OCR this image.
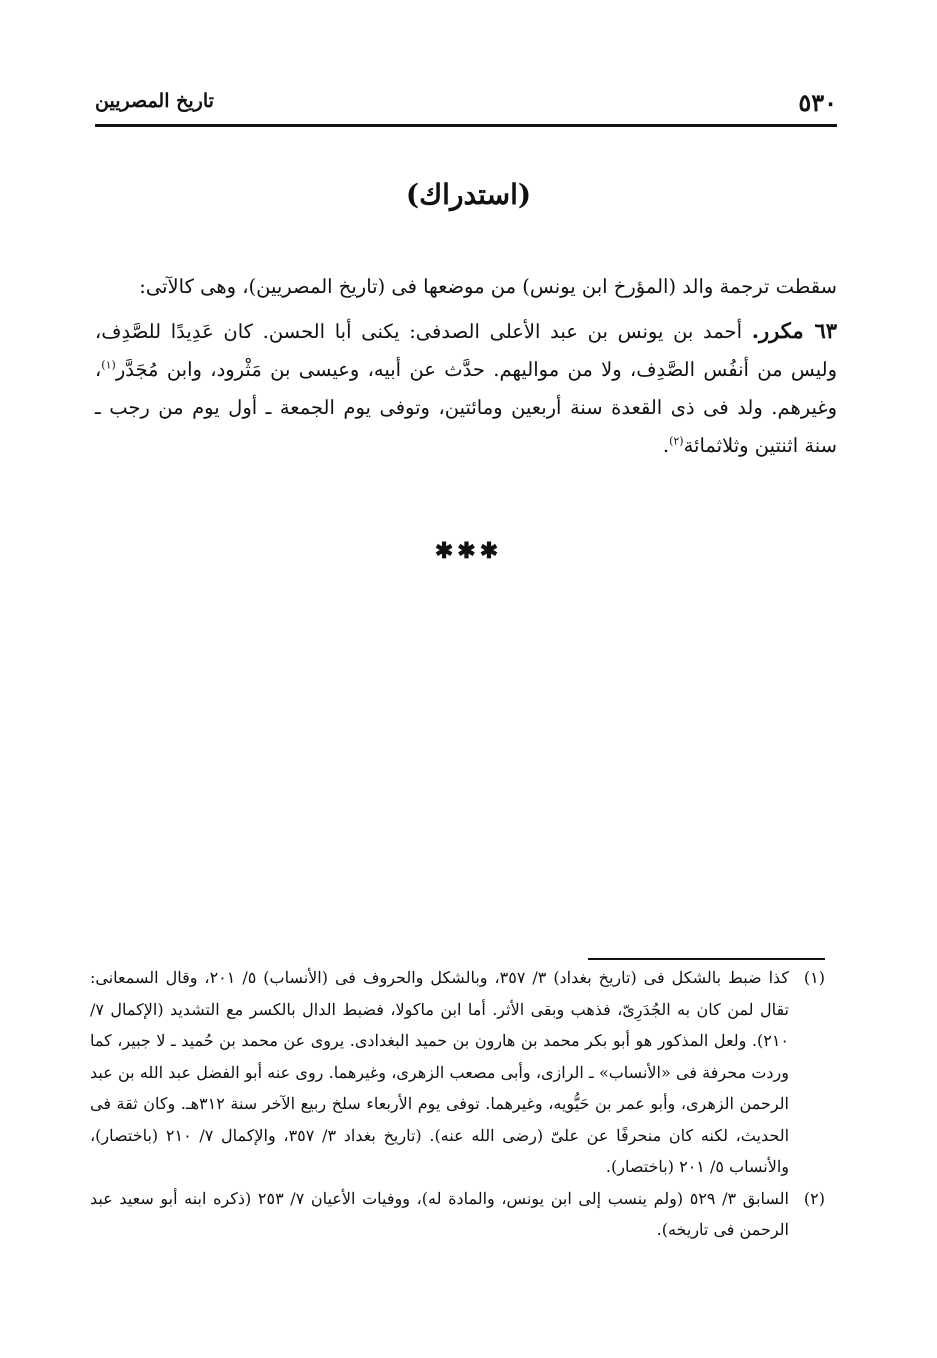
٥٣٠
تاريخ المصريين
(استدراك)

سقطت ترجمة والد (المؤرخ ابن يونس) من موضعها فى (تاريخ المصريين)، وهى كالآتى:

٦٣ مكرر. أحمد بن يونس بن عبد الأعلى الصدفى: يكنى أبا الحسن. كان عَدِيدًا للصَّدِف، وليس من أنفُس الصَّدِف، ولا من مواليهم. حدَّث عن أبيه، وعيسى بن مَثْرود، وابن مُجَدَّر$^{(١)}$، وغيرهم. ولد فى ذى القعدة سنة أربعين ومائتين، وتوفى يوم الجمعة ـ أول يوم من رجب ـ سنة اثنتين وثلاثمائة$^{(٢)}$.

✱✱✱

(١)
كذا ضبط بالشكل فى (تاريخ بغداد) ٣/ ٣٥٧، وبالشكل والحروف فى (الأنساب) ٥/ ٢٠١، وقال السمعانى: تقال لمن كان به الجُدَرِىّ، فذهب وبقى الأثر. أما ابن ماكولا، فضبط الدال بالكسر مع التشديد (الإكمال ٧/ ٢١٠). ولعل المذكور هو أبو بكر محمد بن هارون بن حميد البغدادى. يروى عن محمد بن حُميد ـ لا جبير، كما وردت محرفة فى «الأنساب» ـ الرازى، وأبى مصعب الزهرى، وغيرهما. روى عنه أبو الفضل عبد الله بن عبد الرحمن الزهرى، وأبو عمر بن حَيُّويه، وغيرهما. توفى يوم الأربعاء سلخ ربيع الآخر سنة ٣١٢هـ. وكان ثقة فى الحديث، لكنه كان منحرفًا عن علىّ (رضى الله عنه). (تاريخ بغداد ٣/ ٣٥٧، والإكمال ٧/ ٢١٠ (باختصار)، والأنساب ٥/ ٢٠١ (باختصار).

(٢)
السابق ٣/ ٥٢٩ (ولم ينسب إلى ابن يونس، والمادة له)، ووفيات الأعيان ٧/ ٢٥٣ (ذكره ابنه أبو سعيد عبد الرحمن فى تاريخه).
